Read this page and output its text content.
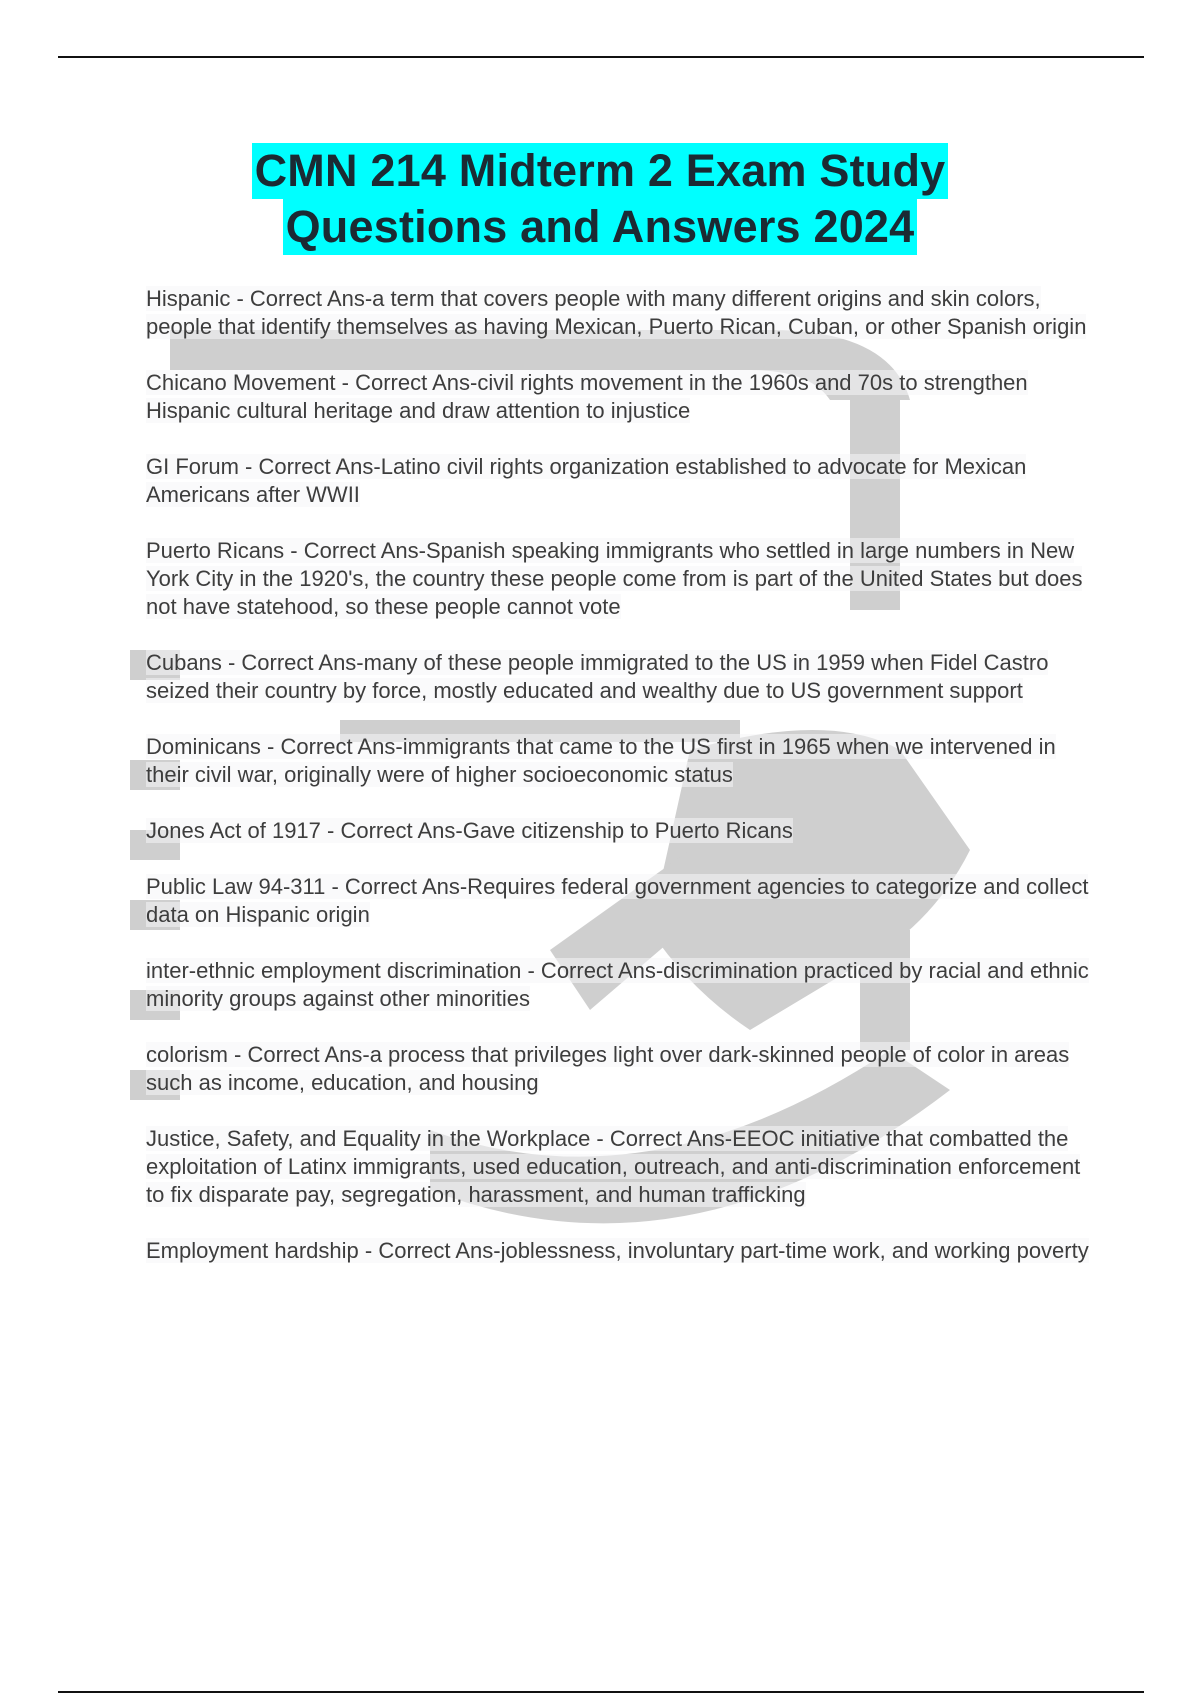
CMN 214 Midterm 2 Exam Study
Questions and Answers 2024

Hispanic - Correct Ans-a term that covers people with many different origins and skin colors, people that identify themselves as having Mexican, Puerto Rican, Cuban, or other Spanish origin

Chicano Movement - Correct Ans-civil rights movement in the 1960s and 70s to strengthen Hispanic cultural heritage and draw attention to injustice

GI Forum - Correct Ans-Latino civil rights organization established to advocate for Mexican Americans after WWII

Puerto Ricans - Correct Ans-Spanish speaking immigrants who settled in large numbers in New York City in the 1920's, the country these people come from is part of the United States but does not have statehood, so these people cannot vote

Cubans - Correct Ans-many of these people immigrated to the US in 1959 when Fidel Castro seized their country by force, mostly educated and wealthy due to US government support

Dominicans - Correct Ans-immigrants that came to the US first in 1965 when we intervened in their civil war, originally were of higher socioeconomic status

Jones Act of 1917 - Correct Ans-Gave citizenship to Puerto Ricans

Public Law 94-311 - Correct Ans-Requires federal government agencies to categorize and collect data on Hispanic origin

inter-ethnic employment discrimination - Correct Ans-discrimination practiced by racial and ethnic minority groups against other minorities

colorism - Correct Ans-a process that privileges light over dark-skinned people of color in areas such as income, education, and housing

Justice, Safety, and Equality in the Workplace - Correct Ans-EEOC initiative that combatted the exploitation of Latinx immigrants, used education, outreach, and anti-discrimination enforcement to fix disparate pay, segregation, harassment, and human trafficking

Employment hardship - Correct Ans-joblessness, involuntary part-time work, and working poverty
